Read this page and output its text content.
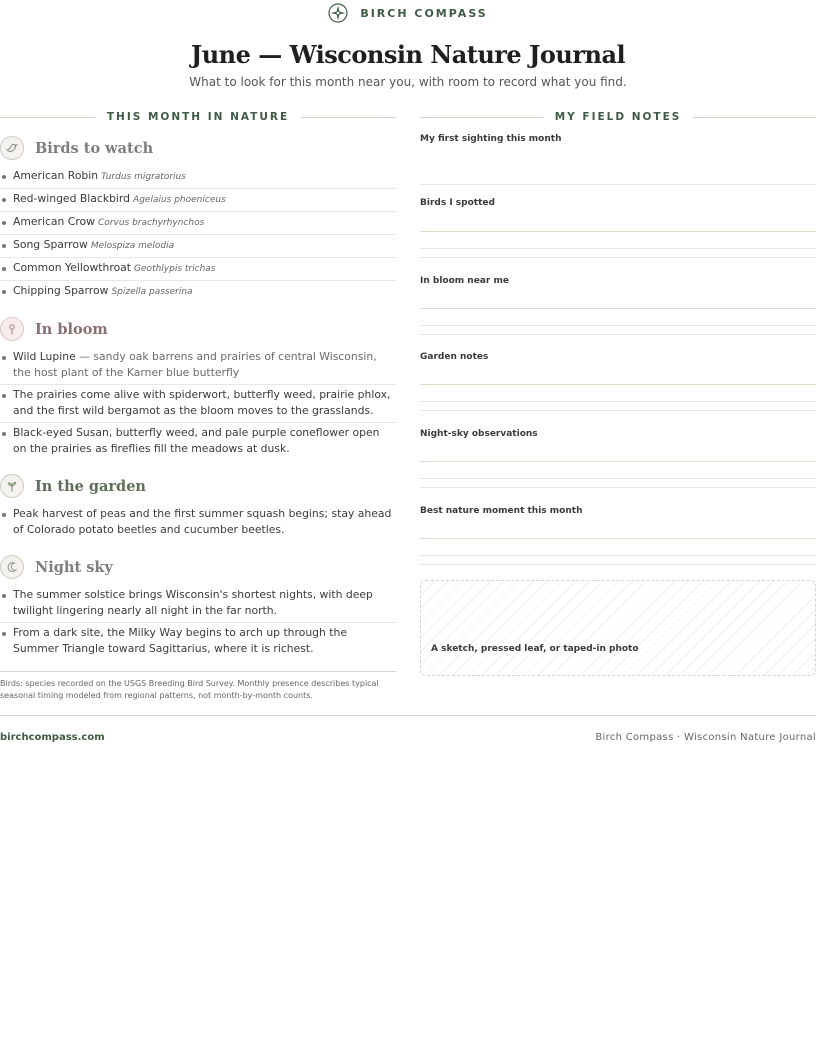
BIRCH COMPASS
June — Wisconsin Nature Journal
What to look for this month near you, with room to record what you find.
THIS MONTH IN NATURE	MY FIELD NOTES
Birds to watch
American Robin Turdus migratorius
Red-winged Blackbird Agelaius phoeniceus
American Crow Corvus brachyrhynchos
Song Sparrow Melospiza melodia
Common Yellowthroat Geothlypis trichas
Chipping Sparrow Spizella passerina
In bloom
Wild Lupine — sandy oak barrens and prairies of central Wisconsin, the host plant of the Karner blue butterfly
The prairies come alive with spiderwort, butterfly weed, prairie phlox, and the first wild bergamot as the bloom moves to the grasslands.
Black-eyed Susan, butterfly weed, and pale purple coneflower open on the prairies as fireflies fill the meadows at dusk.
In the garden
Peak harvest of peas and the first summer squash begins; stay ahead of Colorado potato beetles and cucumber beetles.
Night sky
The summer solstice brings Wisconsin's shortest nights, with deep twilight lingering nearly all night in the far north.
From a dark site, the Milky Way begins to arch up through the Summer Triangle toward Sagittarius, where it is richest.
Birds: species recorded on the USGS Breeding Bird Survey. Monthly presence describes typical seasonal timing modeled from regional patterns, not month-by-month counts.
My first sighting this month
Birds I spotted
In bloom near me
Garden notes
Night-sky observations
Best nature moment this month
A sketch, pressed leaf, or taped-in photo
birchcompass.com	Birch Compass · Wisconsin Nature Journal
